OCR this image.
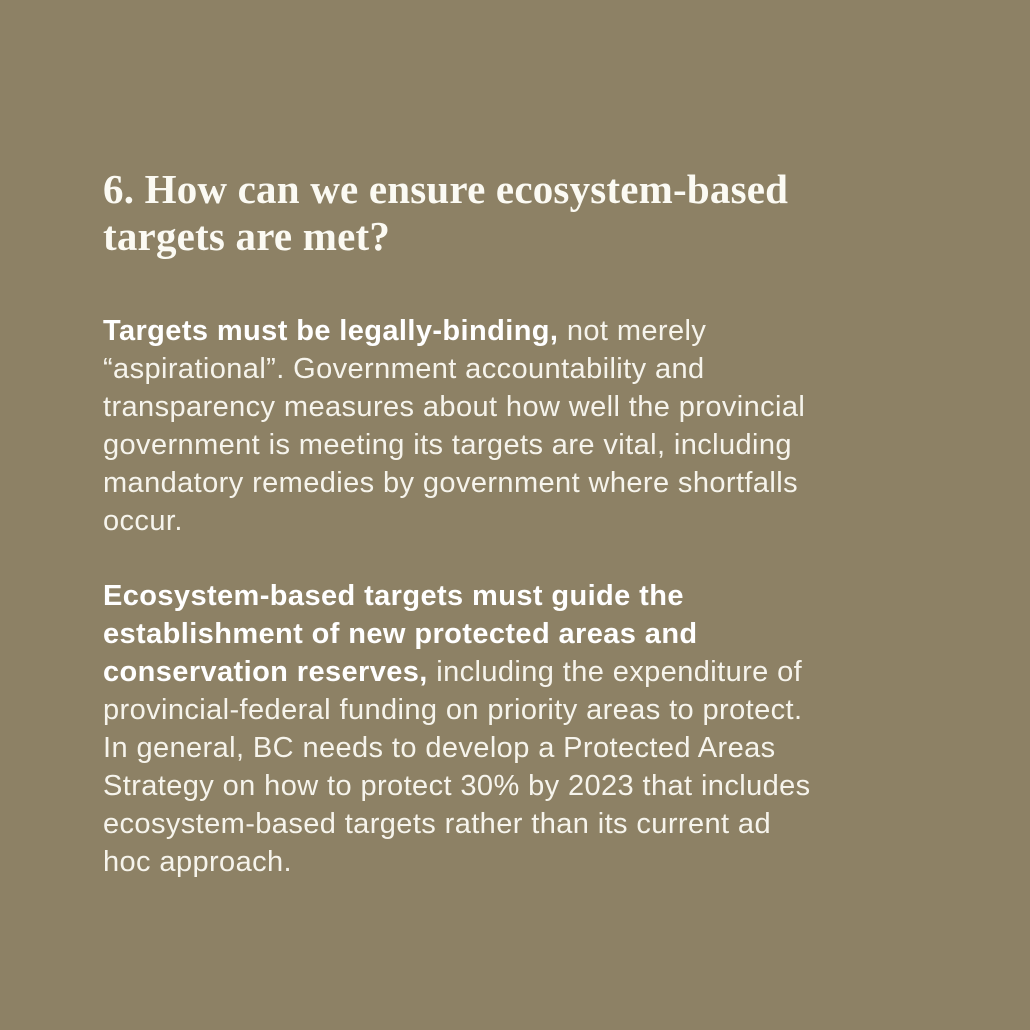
6. How can we ensure ecosystem-based
targets are met?

Targets must be legally-binding, not merely
“aspirational”. Government accountability and
transparency measures about how well the provincial
government is meeting its targets are vital, including
mandatory remedies by government where shortfalls
occur.

Ecosystem-based targets must guide the
establishment of new protected areas and
conservation reserves, including the expenditure of
provincial-federal funding on priority areas to protect.
In general, BC needs to develop a Protected Areas
Strategy on how to protect 30% by 2023 that includes
ecosystem-based targets rather than its current ad
hoc approach.
